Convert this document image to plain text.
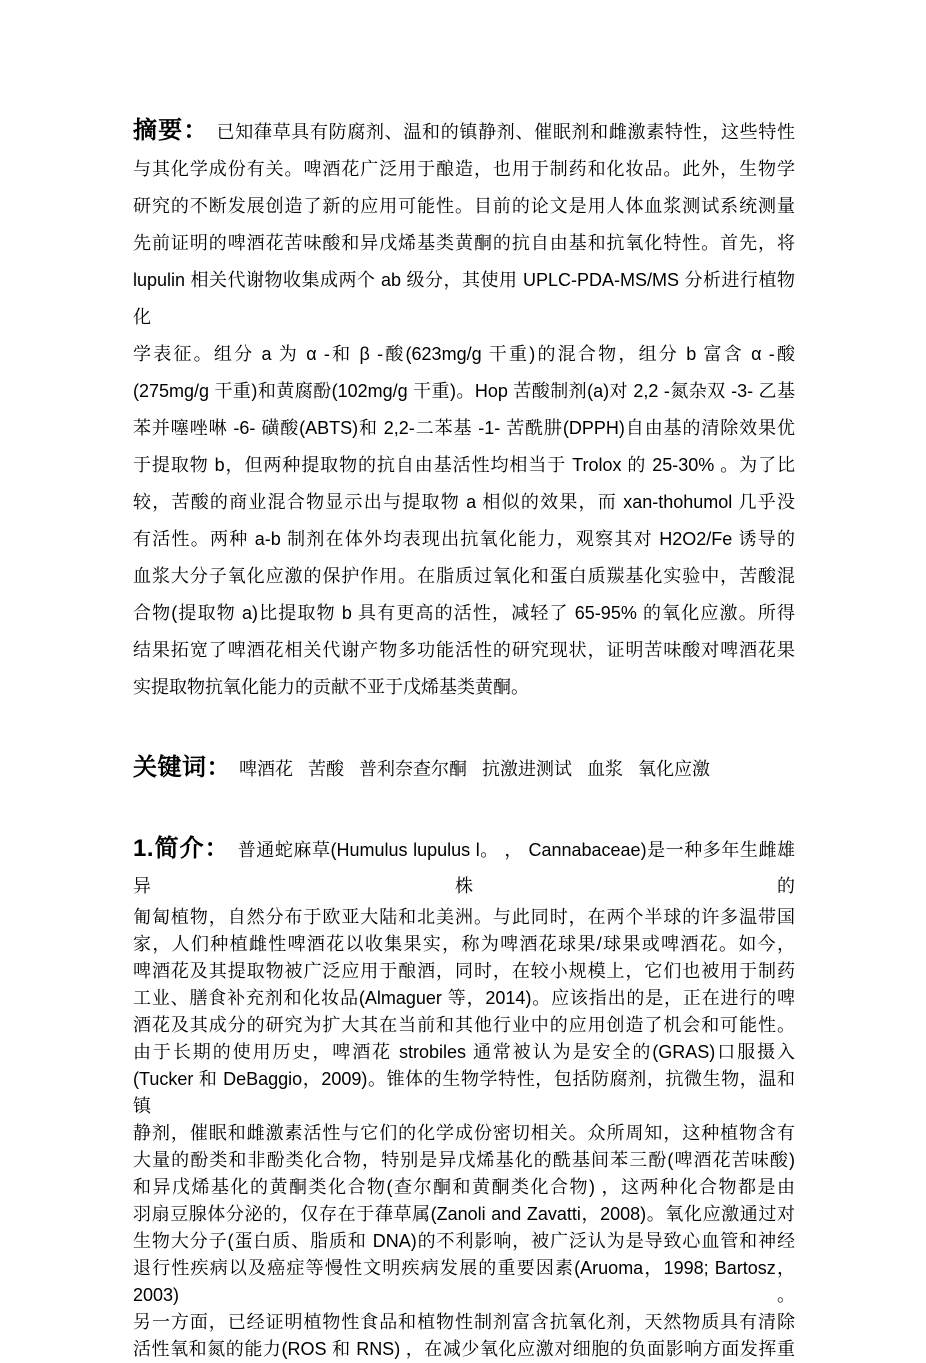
摘要： 已知葎草具有防腐剂、温和的镇静剂、催眠剂和雌激素特性，这些特性
与其化学成份有关。啤酒花广泛用于酿造，也用于制药和化妆品。此外，生物学
研究的不断发展创造了新的应用可能性。目前的论文是用人体血浆测试系统测量
先前证明的啤酒花苦味酸和异戊烯基类黄酮的抗自由基和抗氧化特性。首先，将
lupulin 相关代谢物收集成两个 ab 级分，其使用 UPLC-PDA-MS/MS 分析进行植物化
学表征。组分 a 为 α -和 β -酸(623mg/g 干重)的混合物，组分 b 富含 α -酸
(275mg/g 干重)和黄腐酚(102mg/g 干重)。Hop 苦酸制剂(a)对 2,2 -氮杂双 -3- 乙基
苯并噻唑啉 -6- 磺酸(ABTS)和 2,2-二苯基 -1- 苦酰肼(DPPH)自由基的清除效果优
于提取物 b，但两种提取物的抗自由基活性均相当于 Trolox 的 25-30% 。为了比
较，苦酸的商业混合物显示出与提取物 a 相似的效果，而 xan-thohumol 几乎没
有活性。两种 a-b 制剂在体外均表现出抗氧化能力，观察其对 H2O2/Fe 诱导的
血浆大分子氧化应激的保护作用。在脂质过氧化和蛋白质羰基化实验中，苦酸混
合物(提取物 a)比提取物 b 具有更高的活性，减轻了 65-95% 的氧化应激。所得
结果拓宽了啤酒花相关代谢产物多功能活性的研究现状，证明苦味酸对啤酒花果
实提取物抗氧化能力的贡献不亚于戊烯基类黄酮。
关键词： 啤酒花 苦酸 普利奈查尔酮 抗激进测试 血浆 氧化应激
1.简介： 普通蛇麻草(Humulus lupulus l。 ， Cannabaceae)是一种多年生雌雄异株的
匍匐植物，自然分布于欧亚大陆和北美洲。与此同时，在两个半球的许多温带国
家，人们种植雌性啤酒花以收集果实，称为啤酒花球果/球果或啤酒花。如今，
啤酒花及其提取物被广泛应用于酿酒，同时，在较小规模上，它们也被用于制药
工业、膳食补充剂和化妆品(Almaguer 等，2014)。应该指出的是，正在进行的啤
酒花及其成分的研究为扩大其在当前和其他行业中的应用创造了机会和可能性。
由于长期的使用历史，啤酒花 strobiles 通常被认为是安全的(GRAS)口服摄入
(Tucker 和 DeBaggio，2009)。锥体的生物学特性，包括防腐剂，抗微生物，温和镇
静剂，催眠和雌激素活性与它们的化学成份密切相关。众所周知，这种植物含有
大量的酚类和非酚类化合物，特别是异戊烯基化的酰基间苯三酚(啤酒花苦味酸)
和异戊烯基化的黄酮类化合物(查尔酮和黄酮类化合物) ，这两种化合物都是由
羽扇豆腺体分泌的，仅存在于葎草属(Zanoli and Zavatti，2008)。氧化应激通过对
生物大分子(蛋白质、脂质和 DNA)的不利影响，被广泛认为是导致心血管和神经
退行性疾病以及癌症等慢性文明疾病发展的重要因素(Aruoma，1998; Bartosz，2003)。
另一方面，已经证明植物性食品和植物性制剂富含抗氧化剂，天然物质具有清除
活性氧和氮的能力(ROS 和 RNS) ，在减少氧化应激对细胞的负面影响方面发挥重
